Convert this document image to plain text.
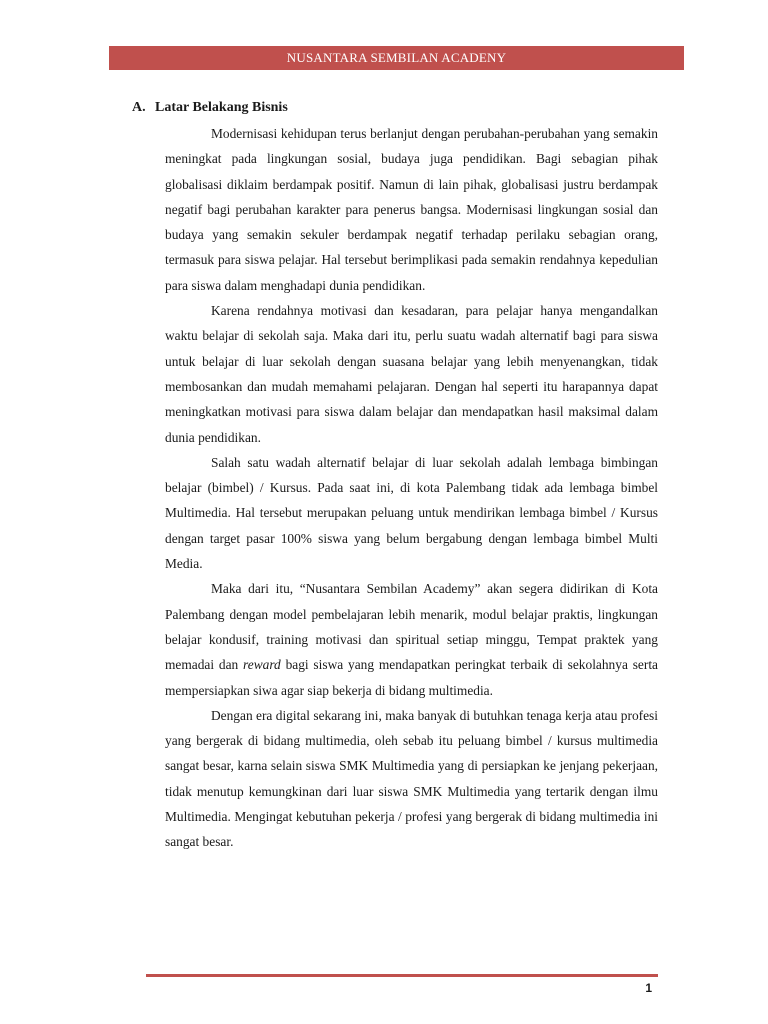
NUSANTARA SEMBILAN ACADENY
A. Latar Belakang Bisnis

Modernisasi kehidupan terus berlanjut dengan perubahan-perubahan yang semakin meningkat pada lingkungan sosial, budaya juga pendidikan. Bagi sebagian pihak globalisasi diklaim berdampak positif. Namun di lain pihak, globalisasi justru berdampak negatif bagi perubahan karakter para penerus bangsa. Modernisasi lingkungan sosial dan budaya yang semakin sekuler berdampak negatif terhadap perilaku sebagian orang, termasuk para siswa pelajar. Hal tersebut berimplikasi pada semakin rendahnya kepedulian para siswa dalam menghadapi dunia pendidikan.

Karena rendahnya motivasi dan kesadaran, para pelajar hanya mengandalkan waktu belajar di sekolah saja. Maka dari itu, perlu suatu wadah alternatif bagi para siswa untuk belajar di luar sekolah dengan suasana belajar yang lebih menyenangkan, tidak membosankan dan mudah memahami pelajaran. Dengan hal seperti itu harapannya dapat meningkatkan motivasi para siswa dalam belajar dan mendapatkan hasil maksimal dalam dunia pendidikan.

Salah satu wadah alternatif belajar di luar sekolah adalah lembaga bimbingan belajar (bimbel) / Kursus. Pada saat ini, di kota Palembang tidak ada lembaga bimbel Multimedia. Hal tersebut merupakan peluang untuk mendirikan lembaga bimbel / Kursus dengan target pasar 100% siswa yang belum bergabung dengan lembaga bimbel Multi Media.

Maka dari itu, “Nusantara Sembilan Academy” akan segera didirikan di Kota Palembang dengan model pembelajaran lebih menarik, modul belajar praktis, lingkungan belajar kondusif, training motivasi dan spiritual setiap minggu, Tempat praktek yang memadai dan reward bagi siswa yang mendapatkan peringkat terbaik di sekolahnya serta mempersiapkan siwa agar siap bekerja di bidang multimedia.

Dengan era digital sekarang ini, maka banyak di butuhkan tenaga kerja atau profesi yang bergerak di bidang multimedia, oleh sebab itu peluang bimbel / kursus multimedia sangat besar, karna selain siswa SMK Multimedia yang di persiapkan ke jenjang pekerjaan, tidak menutup kemungkinan dari luar siswa SMK Multimedia yang tertarik dengan ilmu Multimedia. Mengingat kebutuhan pekerja / profesi yang bergerak di bidang multimedia ini sangat besar.

1
